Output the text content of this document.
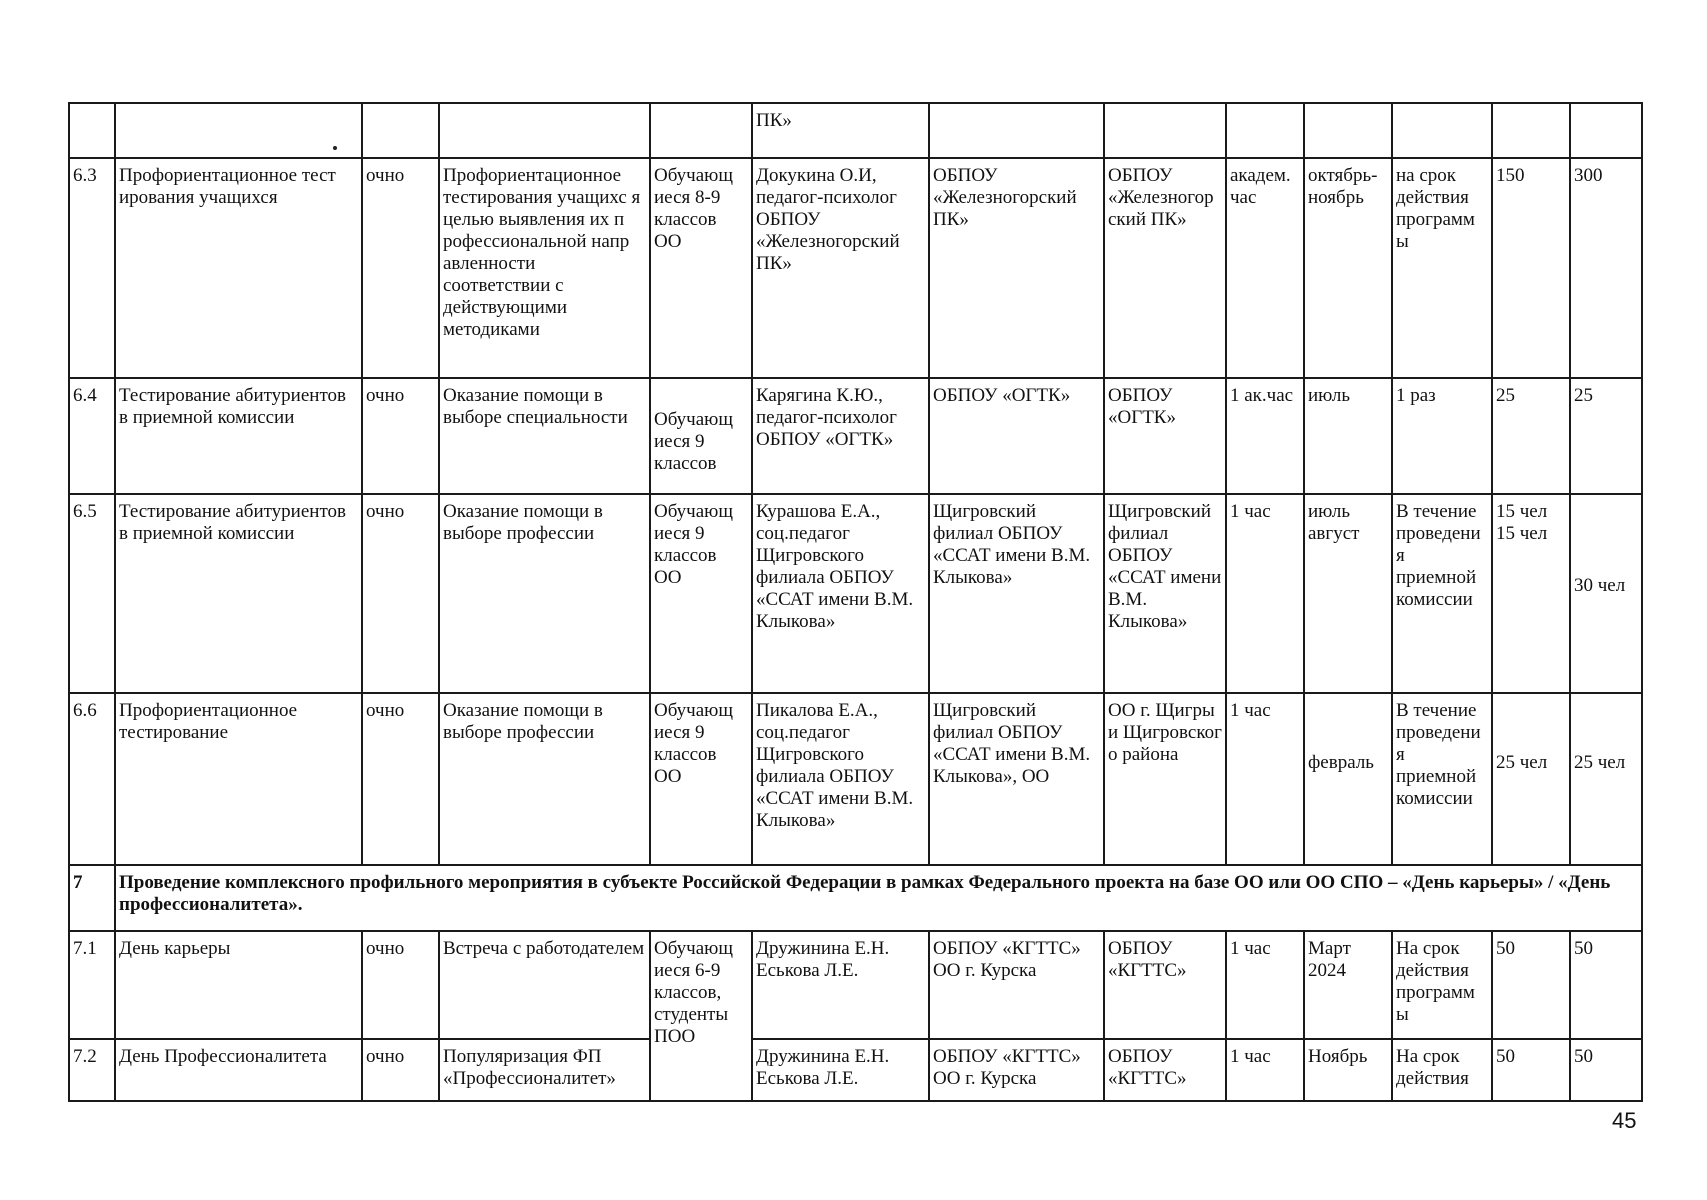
					ПК»							
6.3	Профориентационное тест ирования учащихся	очно	Профориентационное тестирования учащихс я целью выявления их п рофессиональной напр авленности соответствии с действующими методиками	Обучающ иеся 8-9 классов ОО	Докукина О.И, педагог-психолог ОБПОУ «Железногорский ПК»	ОБПОУ «Железногорский ПК»	ОБПОУ «Железногор ский ПК»	академ. час	октябрь-ноябрь	на срок действия программ ы	150	300
6.4	Тестирование абитуриентов в приемной комиссии	очно	Оказание помощи в выборе специальности	Обучающ иеся 9 классов	Карягина К.Ю., педагог-психолог ОБПОУ «ОГТК»	ОБПОУ «ОГТК»	ОБПОУ «ОГТК»	1 ак.час	июль	1 раз	25	25
6.5	Тестирование абитуриентов в приемной комиссии	очно	Оказание помощи в выборе профессии	Обучающ иеся 9 классов ОО	Курашова Е.А., соц.педагог Щигровского филиала ОБПОУ «ССАТ имени В.М. Клыкова»	Щигровский филиал ОБПОУ «ССАТ имени В.М. Клыкова»	Щигровский филиал ОБПОУ «ССАТ имени В.М. Клыкова»	1 час	июль август	В течение проведени я приемной комиссии	15 чел 15 чел	30 чел
6.6	Профориентационное тестирование	очно	Оказание помощи в выборе профессии	Обучающ иеся 9 классов ОО	Пикалова Е.А., соц.педагог Щигровского филиала ОБПОУ «ССАТ имени В.М. Клыкова»	Щигровский филиал ОБПОУ «ССАТ имени В.М. Клыкова», ОО	ОО г. Щигры и Щигровског о района	1 час	февраль	В течение проведени я приемной комиссии	25 чел	25 чел
7	Проведение комплексного профильного мероприятия в субъекте Российской Федерации в рамках Федерального проекта на базе ОО или ОО СПО – «День карьеры» / «День профессионалитета».											
7.1	День карьеры	очно	Встреча с работодателем	Обучающ иеся 6-9 классов, студенты ПОО	Дружинина Е.Н. Еськова Л.Е.	ОБПОУ «КГТТС» ОО г. Курска	ОБПОУ «КГТТС»	1 час	Март 2024	На срок действия программ ы	50	50
7.2	День Профессионалитета	очно	Популяризация ФП «Профессионалитет»		Дружинина Е.Н. Еськова Л.Е.	ОБПОУ «КГТТС» ОО г. Курска	ОБПОУ «КГТТС»	1 час	Ноябрь	На срок действия	50	50
45
